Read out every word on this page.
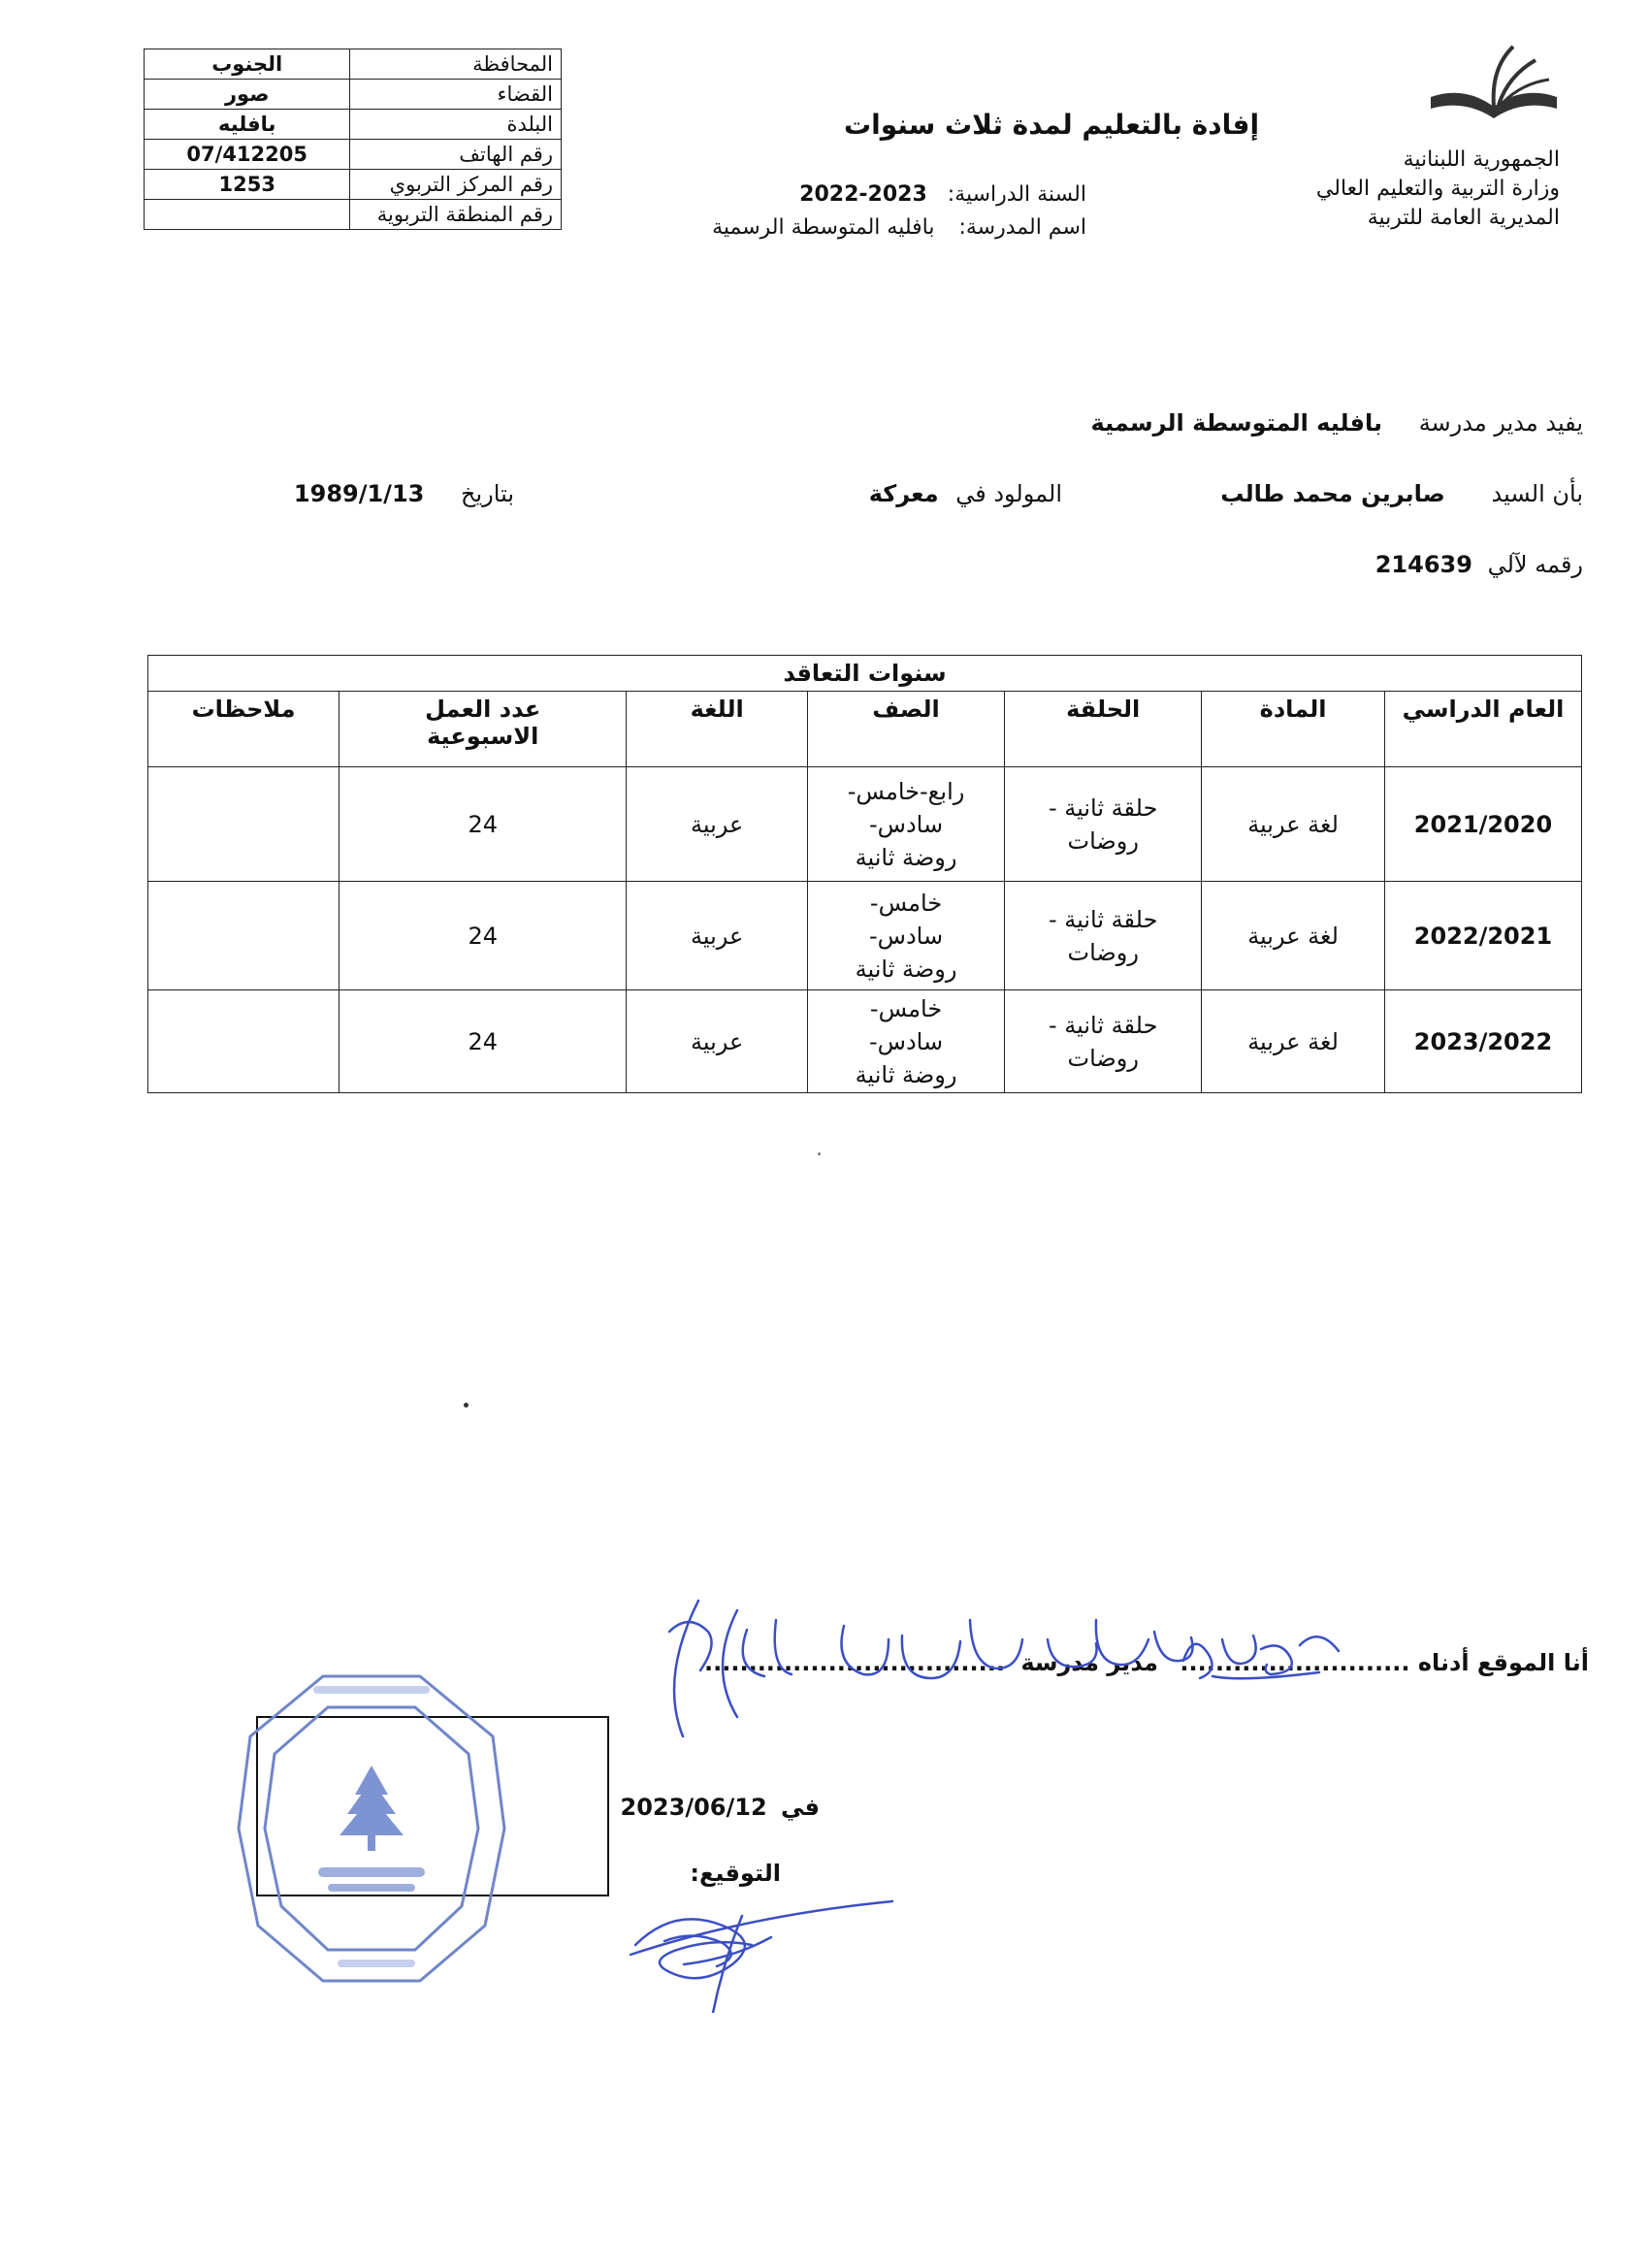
المحافظة	الجنوب
القضاء	صور
البلدة	بافليه
رقم الهاتف	07/412205
رقم المركز التربوي	1253
رقم المنطقة التربوية	
الجمهورية اللبنانية
وزارة التربية والتعليم العالي
المديرية العامة للتربية
إفادة بالتعليم لمدة ثلاث سنوات
السنة الدراسية: 2023-2022
اسم المدرسة: بافليه المتوسطة الرسمية
يفيد مدير مدرسة بافليه المتوسطة الرسمية
بأن السيد صابرين محمد طالب
المولود في معركة
بتاريخ 1989/1/13
رقمه لآلي 214639
سنوات التعاقد						
العام الدراسي	المادة	الحلقة	الصف	اللغة	عدد العمل الاسبوعية	ملاحظات
2021/2020	لغة عربية	حلقة ثانية - روضات	رابع-خامس-سادس-روضة ثانية	عربية	24	
2022/2021	لغة عربية	حلقة ثانية - روضات	خامس-سادس-روضة ثانية	عربية	24	
2023/2022	لغة عربية	حلقة ثانية - روضات	خامس-سادس-روضة ثانية	عربية	24	
أنا الموقع أدناه .......................... مدير مدرسة ..................................
في 2023/06/12
التوقيع:
